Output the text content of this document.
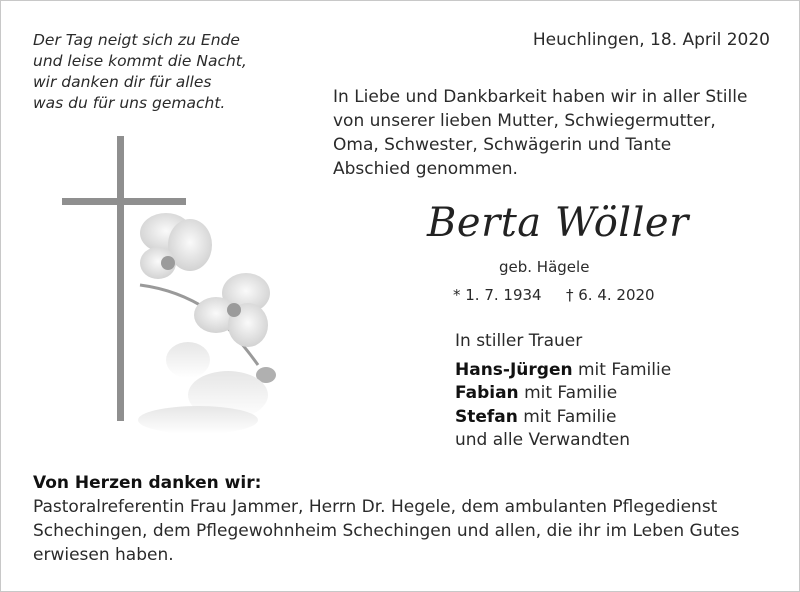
Der Tag neigt sich zu Ende
und leise kommt die Nacht,
wir danken dir für alles
was du für uns gemacht.
Heuchlingen, 18. April 2020
In Liebe und Dankbarkeit haben wir in aller Stille
von unserer lieben Mutter, Schwiegermutter,
Oma, Schwester, Schwägerin und Tante
Abschied genommen.
Berta Wöller
geb. Hägele
* 1. 7. 1934 † 6. 4. 2020
In stiller Trauer
Hans-Jürgen mit Familie
Fabian mit Familie
Stefan mit Familie
und alle Verwandten
Von Herzen danken wir:
Pastoralreferentin Frau Jammer, Herrn Dr. Hegele, dem ambulanten Pflegedienst
Schechingen, dem Pflegewohnheim Schechingen und allen, die ihr im Leben Gutes
erwiesen haben.
